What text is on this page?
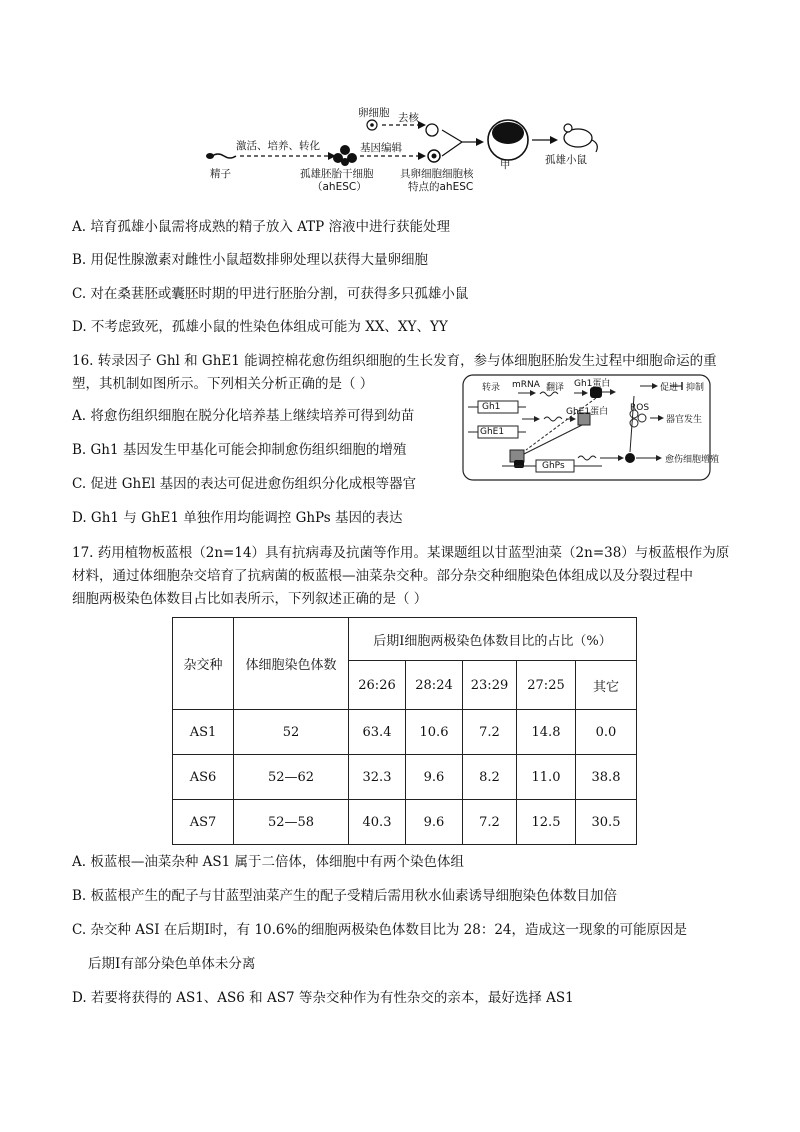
卵细胞 去核
激活、培养、转化
精子
基因编辑
孤雄胚胎干细胞
（ahESC）
具卵细胞细胞核
特点的ahESC
甲	孤雄小鼠
A. 培育孤雄小鼠需将成熟的精子放入 ATP 溶液中进行获能处理
B. 用促性腺激素对雌性小鼠超数排卵处理以获得大量卵细胞
C. 对在桑葚胚或囊胚时期的甲进行胚胎分割，可获得多只孤雄小鼠
D. 不考虑致死，孤雄小鼠的性染色体组成可能为 XX、XY、YY
16. 转录因子 Ghl 和 GhE1 能调控棉花愈伤组织细胞的生长发育，参与体细胞胚胎发生过程中细胞命运的重
塑，其机制如图所示。下列相关分析正确的是（ ）
A. 将愈伤组织细胞在脱分化培养基上继续培养可得到幼苗
B. Gh1 基因发生甲基化可能会抑制愈伤组织细胞的增殖
C. 促进 GhEl 基因的表达可促进愈伤组织分化成根等器官
D. Gh1 与 GhE1 单独作用均能调控 GhPs 基因的表达
转录 mRNA 翻译 Gh1蛋白	促进 抑制
Gh1	GhE1蛋白 ROS
器官发生
GhE1
GhPs
愈伤细胞增殖
17. 药用植物板蓝根（2n=14）具有抗病毒及抗菌等作用。某课题组以甘蓝型油菜（2n=38）与板蓝根作为原
材料，通过体细胞杂交培育了抗病菌的板蓝根—油菜杂交种。部分杂交种细胞染色体组成以及分裂过程中
细胞两极染色体数目占比如表所示，下列叙述正确的是（ ）
杂交种	体细胞染色体数	后期Ⅰ细胞两极染色体数目比的占比（%）				
		26:26	28:24	23:29	27:25	其它
AS1	52	63.4	10.6	7.2	14.8	0.0
AS6	52—62	32.3	9.6	8.2	11.0	38.8
AS7	52—58	40.3	9.6	7.2	12.5	30.5
A. 板蓝根—油菜杂种 AS1 属于二倍体，体细胞中有两个染色体组
B. 板蓝根产生的配子与甘蓝型油菜产生的配子受精后需用秋水仙素诱导细胞染色体数目加倍
C. 杂交种 ASI 在后期Ⅰ时，有 10.6%的细胞两极染色体数目比为 28：24，造成这一现象的可能原因是
后期Ⅰ有部分染色单体未分离
D. 若要将获得的 AS1、AS6 和 AS7 等杂交种作为有性杂交的亲本，最好选择 AS1
